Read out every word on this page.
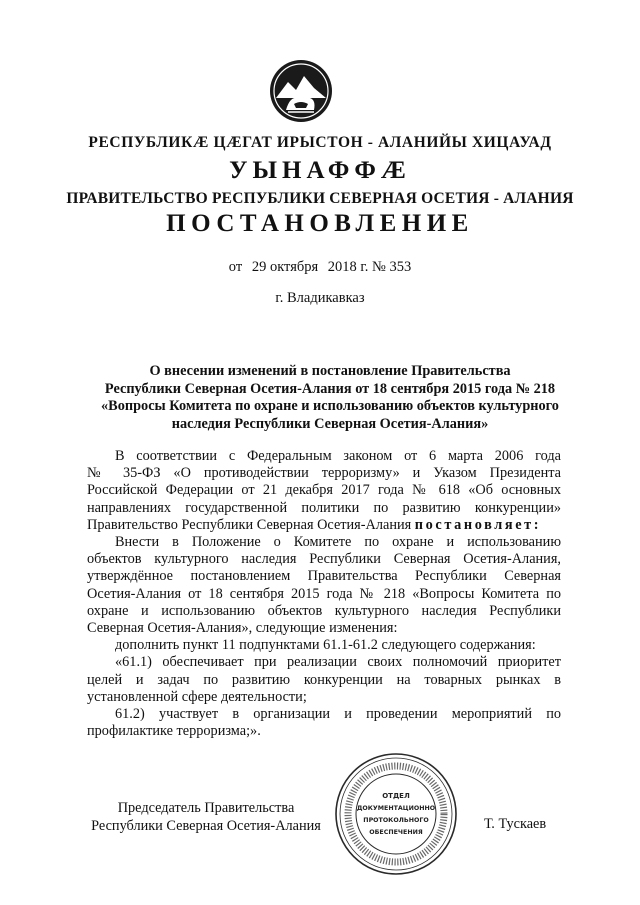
РЕСПУБЛИКӔ ЦӔГАТ ИРЫСТОН - АЛАНИЙЫ ХИЦАУАД
УЫНАФФӔ
ПРАВИТЕЛЬСТВО РЕСПУБЛИКИ СЕВЕРНАЯ ОСЕТИЯ - АЛАНИЯ
ПОСТАНОВЛЕНИЕ
от 29 октября 2018 г. № 353
г. Владикавказ
О внесении изменений в постановление Правительства
Республики Северная Осетия-Алания от 18 сентября 2015 года № 218
«Вопросы Комитета по охране и использованию объектов культурного
наследия Республики Северная Осетия-Алания»
В соответствии с Федеральным законом от 6 марта 2006 года
№ 35-ФЗ «О противодействии терроризму» и Указом Президента
Российской Федерации от 21 декабря 2017 года № 618 «Об основных
направлениях государственной политики по развитию конкуренции»
Правительство Республики Северная Осетия-Алания постановляет:
Внести в Положение о Комитете по охране и использованию
объектов культурного наследия Республики Северная Осетия-Алания,
утверждённое постановлением Правительства Республики Северная
Осетия-Алания от 18 сентября 2015 года № 218 «Вопросы Комитета по
охране и использованию объектов культурного наследия Республики
Северная Осетия-Алания», следующие изменения:
дополнить пункт 11 подпунктами 61.1-61.2 следующего содержания:
«61.1) обеспечивает при реализации своих полномочий приоритет
целей и задач по развитию конкуренции на товарных рынках в
установленной сфере деятельности;
61.2) участвует в организации и проведении мероприятий по
профилактике терроризма;».
Председатель Правительства
Республики Северная Осетия-Алания
ОТДЕЛ
ДОКУМЕНТАЦИОННО
ПРОТОКОЛЬНОГО
ОБЕСПЕЧЕНИЯ
Т. Тускаев
